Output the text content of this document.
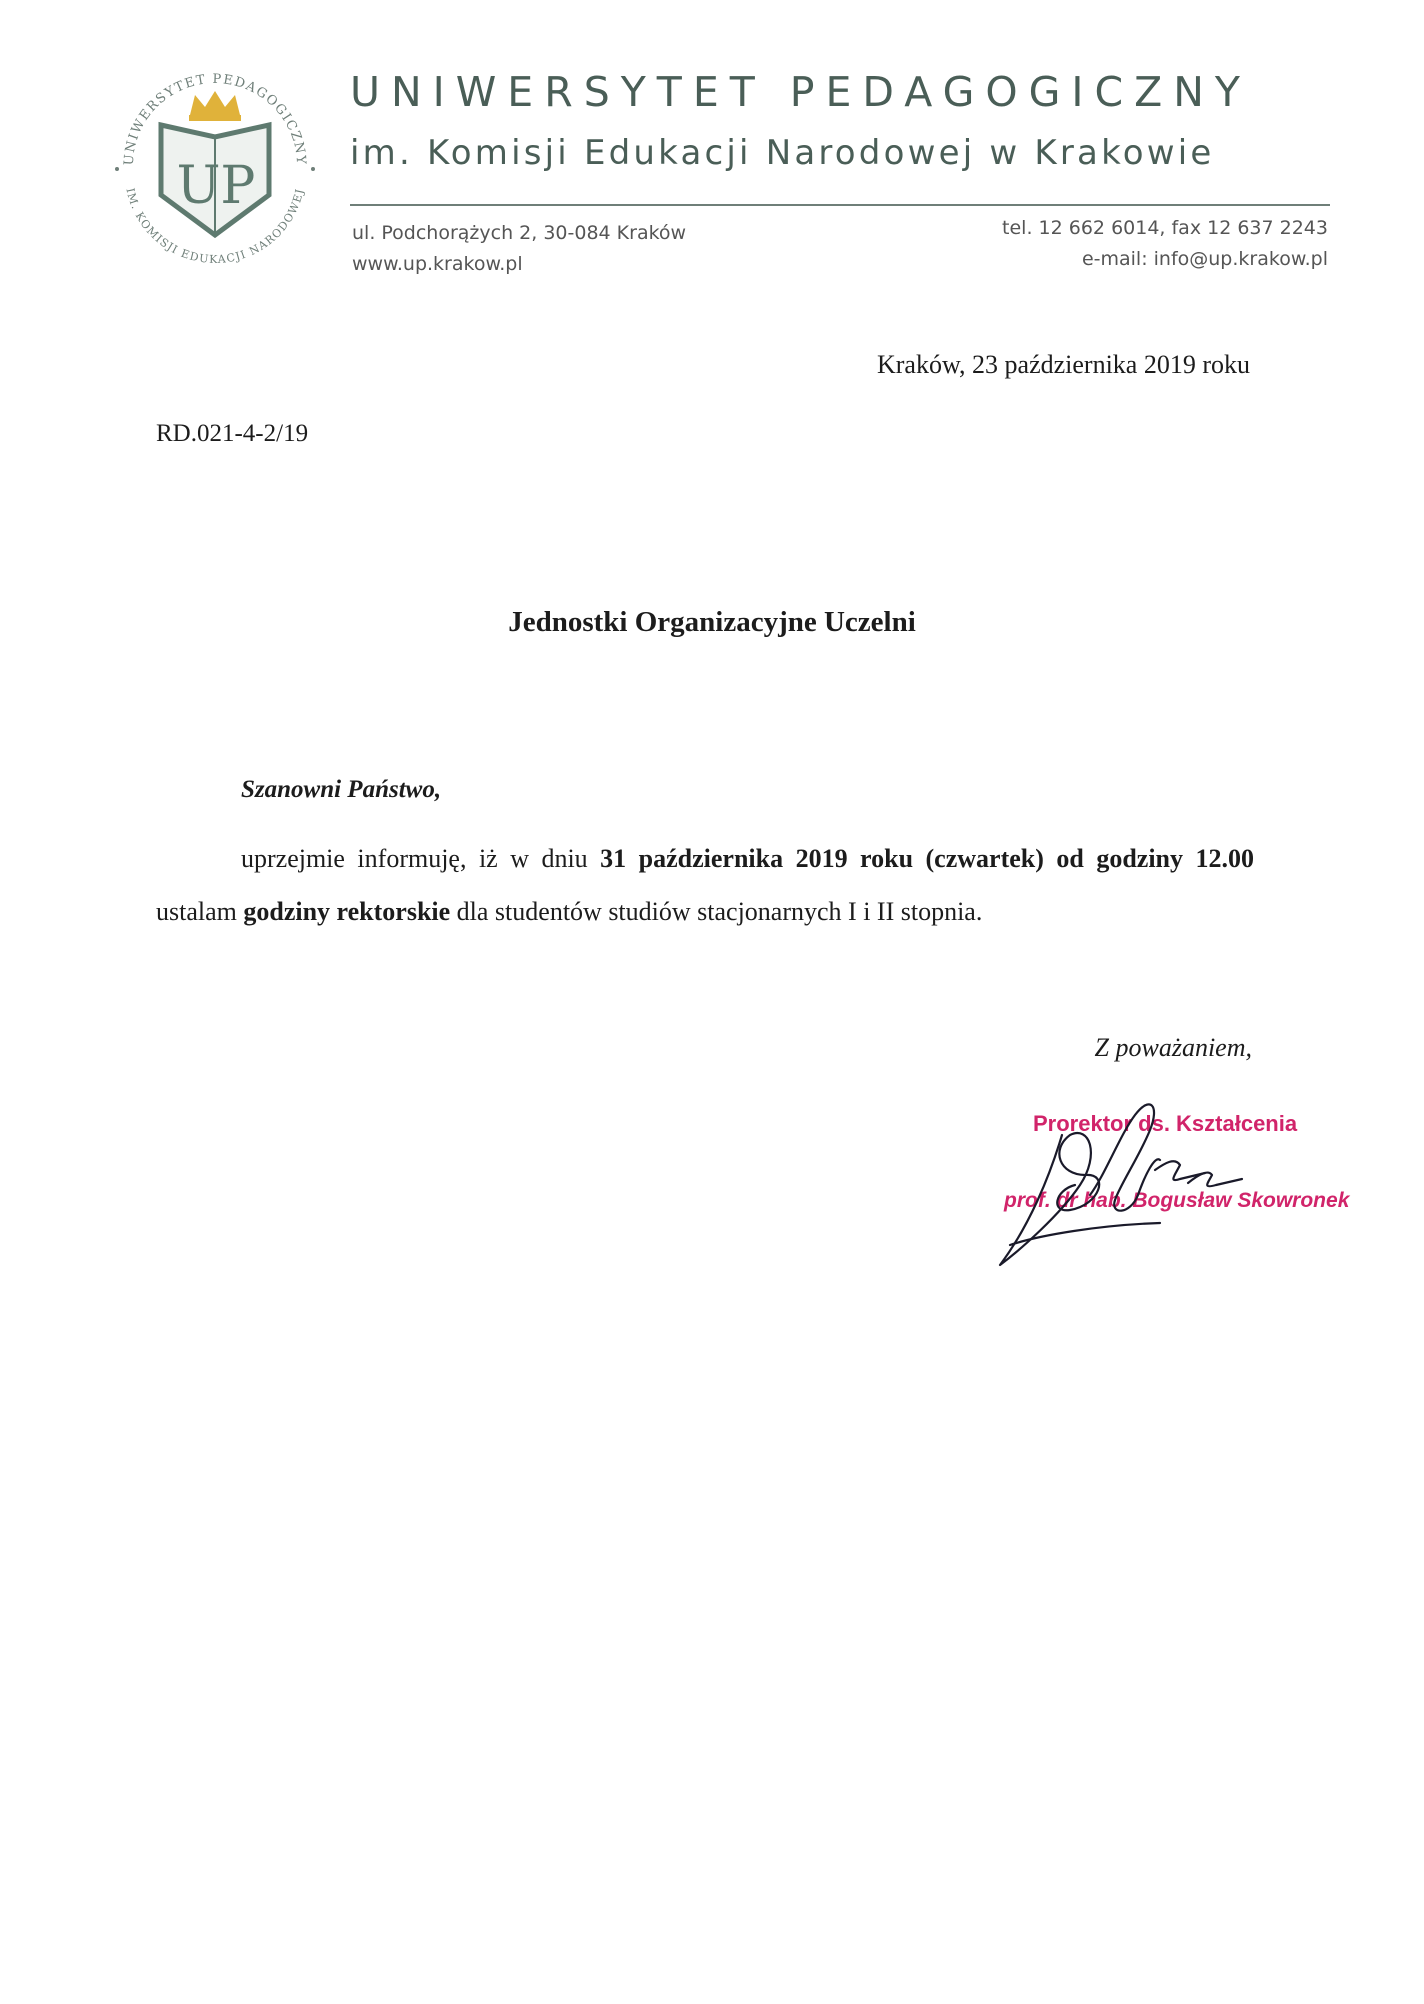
UNIWERSYTET PEDAGOGICZNY
IM. KOMISJI EDUKACJI NARODOWEJ
UP
UNIWERSYTET PEDAGOGICZNY
im. Komisji Edukacji Narodowej w Krakowie
ul. Podchorążych 2, 30-084 Kraków
www.up.krakow.pl
tel. 12 662 6014, fax 12 637 2243
e-mail: info@up.krakow.pl
Kraków, 23 października 2019 roku
RD.021-4-2/19
Jednostki Organizacyjne Uczelni
Szanowni Państwo,
uprzejmie informuję, iż w dniu 31 października 2019 roku (czwartek) od godziny 12.00 ustalam godziny rektorskie dla studentów studiów stacjonarnych I i II stopnia.
Z poważaniem,
Prorektor ds. Kształcenia
prof. dr hab. Bogusław Skowronek
